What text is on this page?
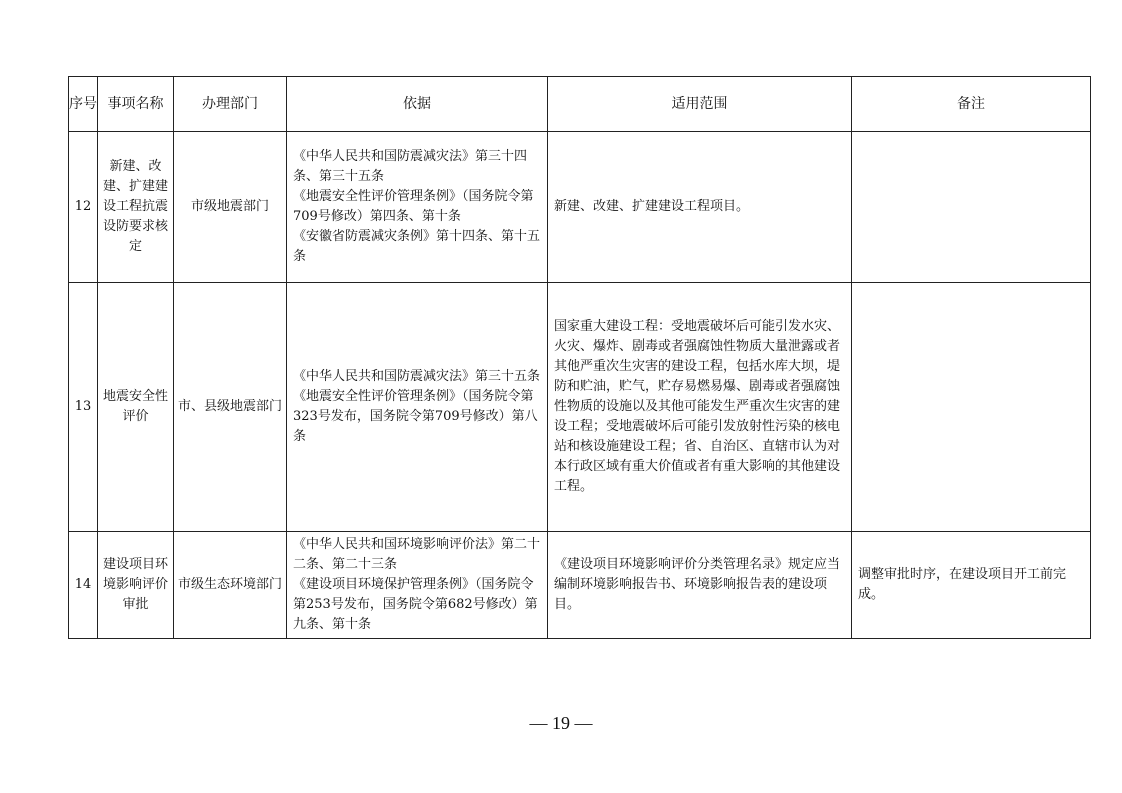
序号	事项名称	办理部门	依据	适用范围	备注
12	新建、改建、扩建建设工程抗震设防要求核定	市级地震部门	《中华人民共和国防震减灾法》第三十四条、第三十五条
《地震安全性评价管理条例》（国务院令第709号修改）第四条、第十条
《安徽省防震减灾条例》第十四条、第十五条	新建、改建、扩建建设工程项目。	
13	地震安全性评价	市、县级地震部门	《中华人民共和国防震减灾法》第三十五条
《地震安全性评价管理条例》（国务院令第323号发布，国务院令第709号修改）第八条	国家重大建设工程：受地震破坏后可能引发水灾、火灾、爆炸、剧毒或者强腐蚀性物质大量泄露或者其他严重次生灾害的建设工程，包括水库大坝，堤防和贮油，贮气，贮存易燃易爆、剧毒或者强腐蚀性物质的设施以及其他可能发生严重次生灾害的建设工程；受地震破坏后可能引发放射性污染的核电站和核设施建设工程；省、自治区、直辖市认为对本行政区域有重大价值或者有重大影响的其他建设工程。	
14	建设项目环境影响评价审批	市级生态环境部门	《中华人民共和国环境影响评价法》第二十二条、第二十三条
《建设项目环境保护管理条例》（国务院令第253号发布，国务院令第682号修改）第九条、第十条	《建设项目环境影响评价分类管理名录》规定应当编制环境影响报告书、环境影响报告表的建设项目。	调整审批时序，在建设项目开工前完成。
— 19 —
